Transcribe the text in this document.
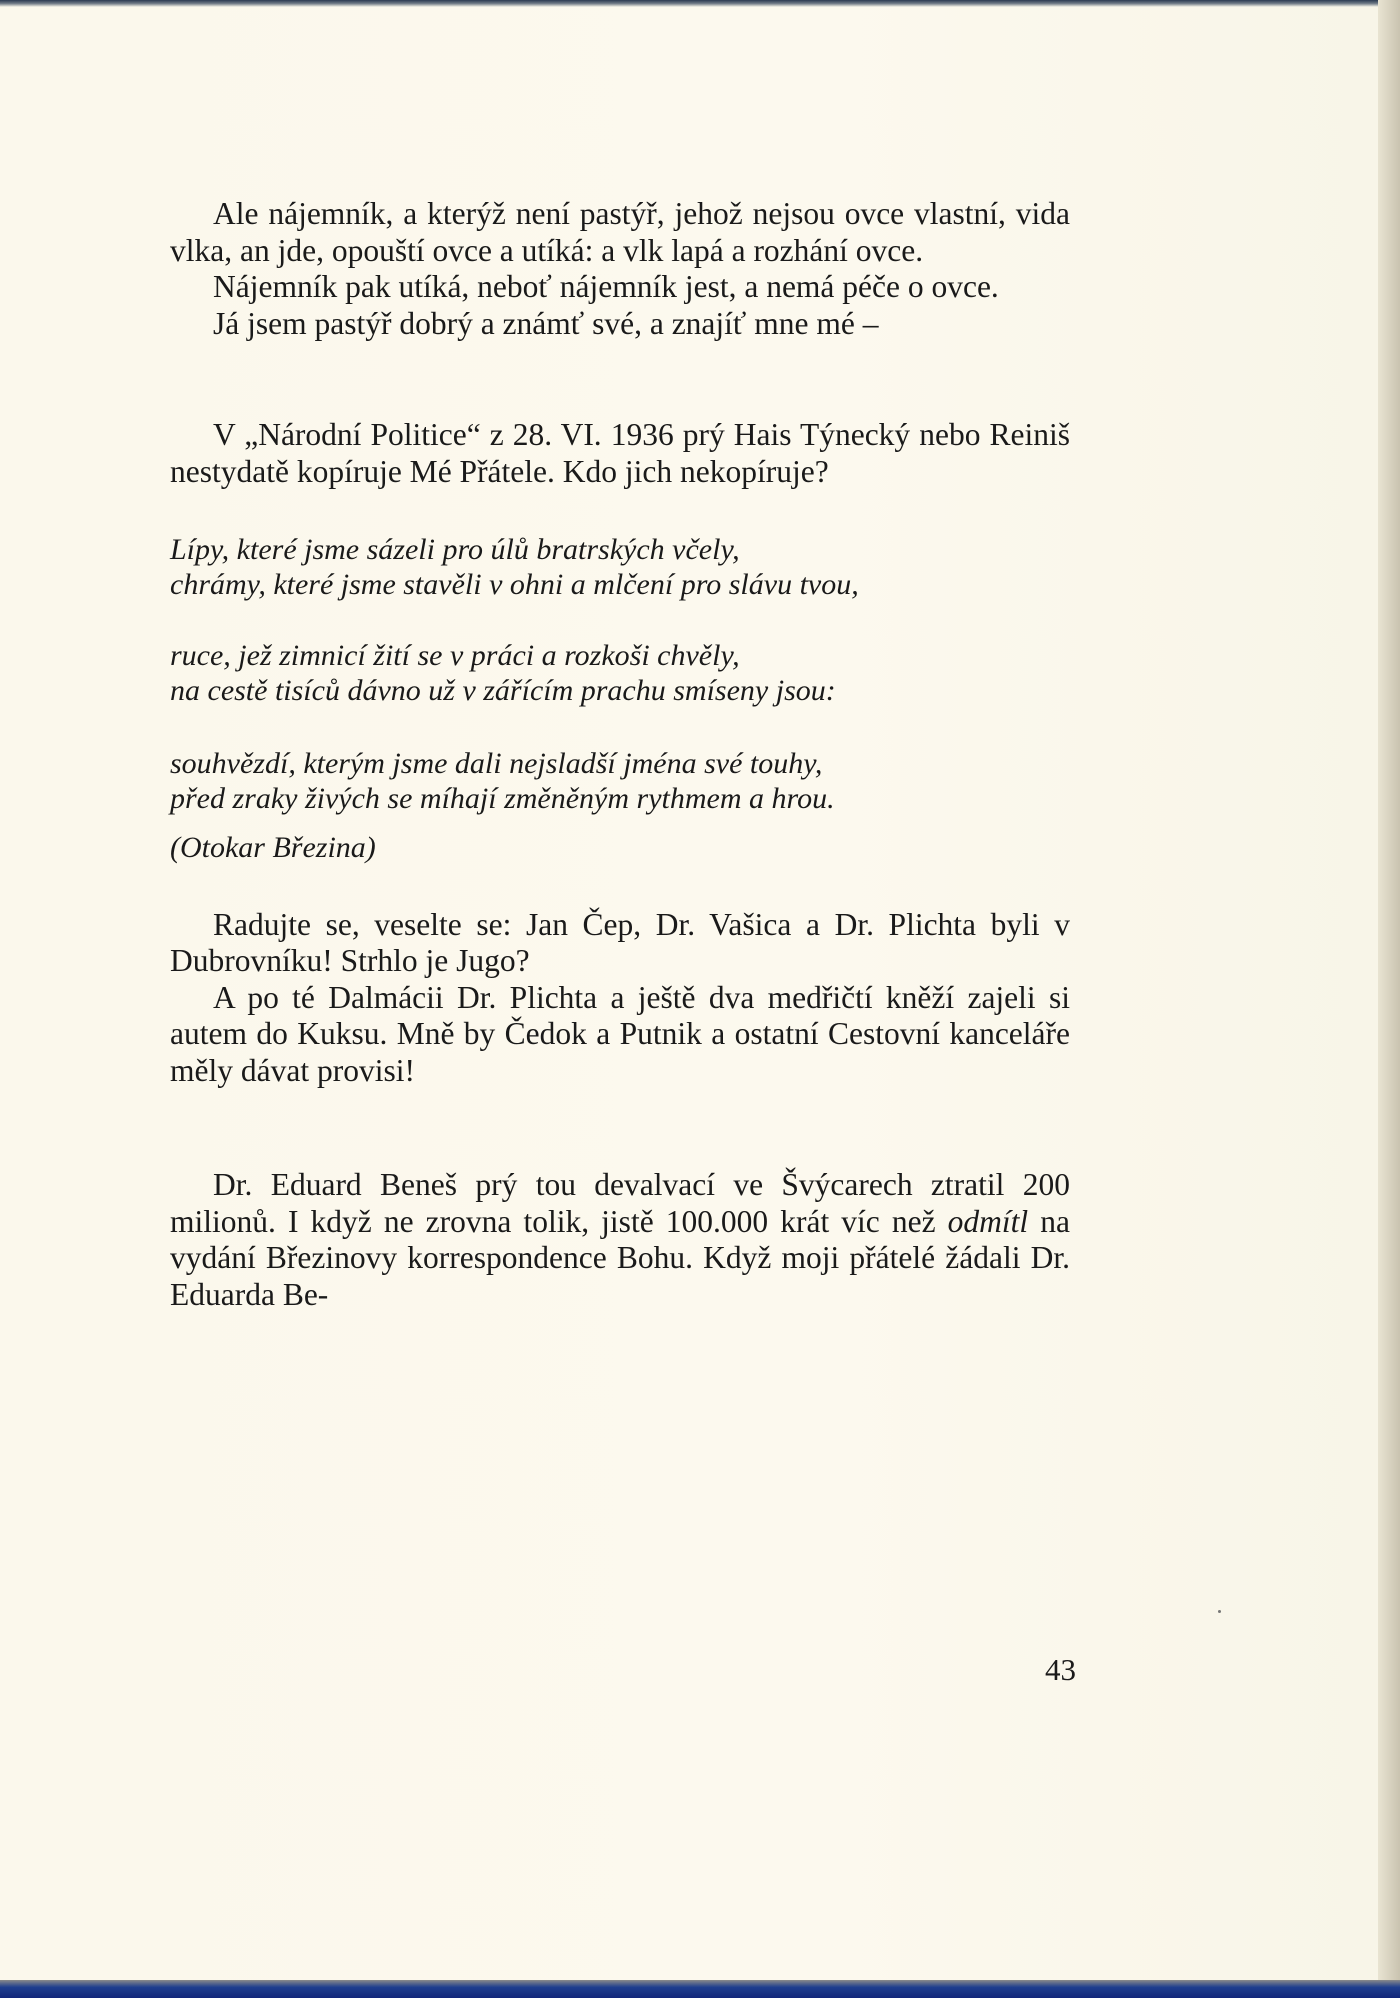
Ale nájemník, a kterýž není pastýř, jehož nejsou ovce vlastní, vida vlka, an jde, opouští ovce a utíká: a vlk lapá a rozhání ovce.

Nájemník pak utíká, neboť nájemník jest, a nemá péče o ovce.

Já jsem pastýř dobrý a známť své, a znajíť mne mé –

V „Národní Politice“ z 28. VI. 1936 prý Hais Týnecký nebo Reiniš nestydatě kopíruje Mé Přátele. Kdo jich nekopíruje?

Lípy, které jsme sázeli pro úlů bratrských včely,

chrámy, které jsme stavěli v ohni a mlčení pro slávu tvou,

ruce, jež zimnicí žití se v práci a rozkoši chvěly,

na cestě tisíců dávno už v zářícím prachu smíseny jsou:

souhvězdí, kterým jsme dali nejsladší jména své touhy,

před zraky živých se míhají změněným rythmem a hrou.

(Otokar Březina)

Radujte se, veselte se: Jan Čep, Dr. Vašica a Dr. Plichta byli v Dubrovníku! Strhlo je Jugo?

A po té Dalmácii Dr. Plichta a ještě dva medřičtí kněží zajeli si autem do Kuksu. Mně by Čedok a Putnik a ostatní Cestovní kanceláře měly dávat provisi!

Dr. Eduard Beneš prý tou devalvací ve Švýcarech ztratil 200 milionů. I když ne zrovna tolik, jistě 100.000 krát víc než odmítl na vydání Březinovy korrespondence Bohu. Když moji přátelé žádali Dr. Eduarda Be-

43
